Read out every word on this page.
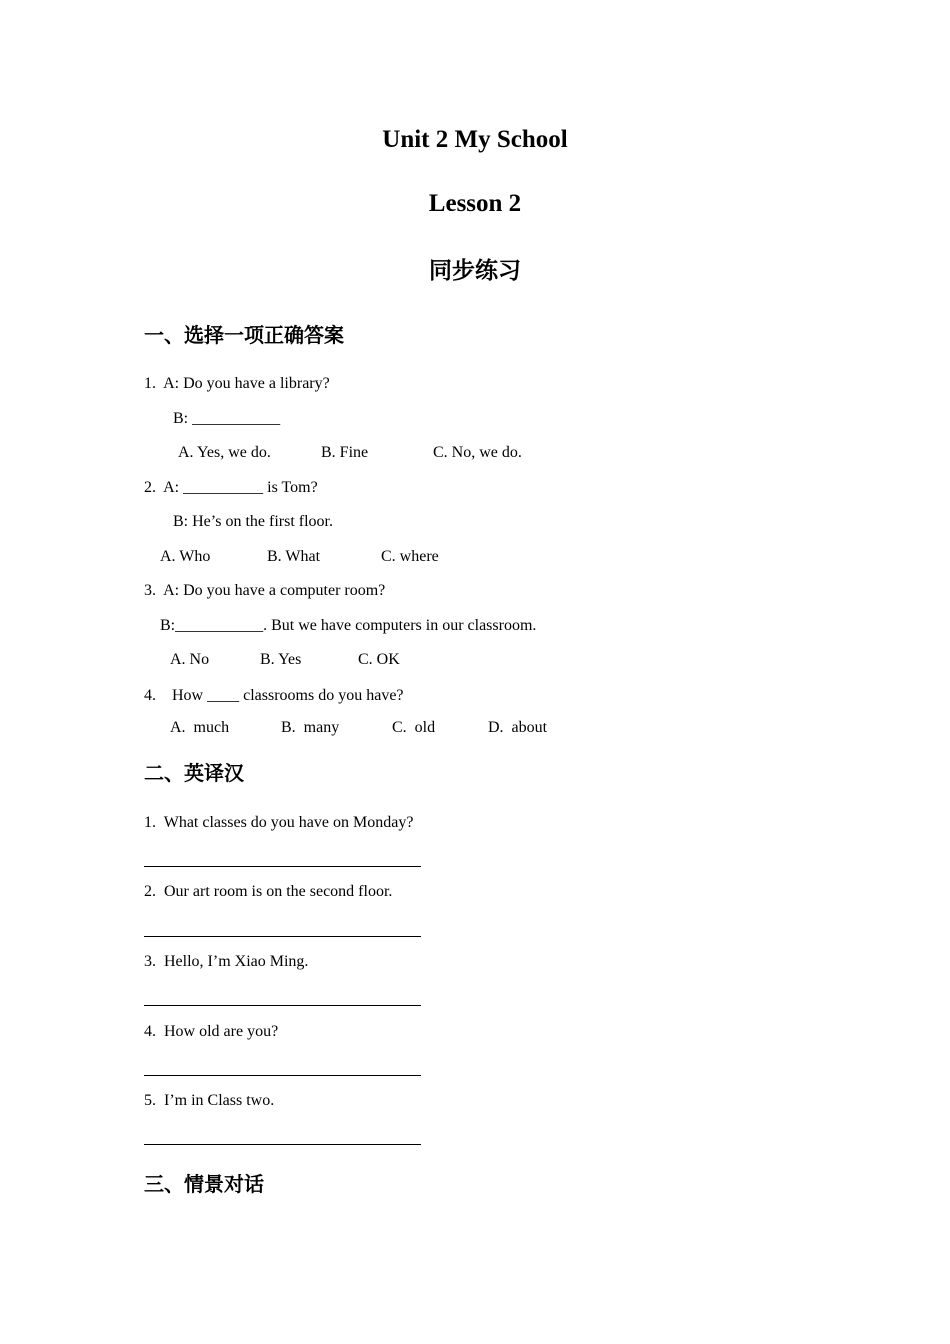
Unit 2 My School
Lesson 2
同步练习
一、选择一项正确答案
1.  A: Do you have a library?
B: ___________
A. Yes, we do.	B. Fine	C. No, we do.
2.  A: __________ is Tom?
B: He’s on the first floor.
A. Who	B. What	C. where
3.  A: Do you have a computer room?
B:___________. But we have computers in our classroom.
A. No	B. Yes	C. OK
4.    How ____ classrooms do you have?
A.  much	B.  many	C.  old	D.  about
二、英译汉
1.  What classes do you have on Monday?
2.  Our art room is on the second floor.
3.  Hello, I’m Xiao Ming.
4.  How old are you?
5.  I’m in Class two.
三、情景对话
